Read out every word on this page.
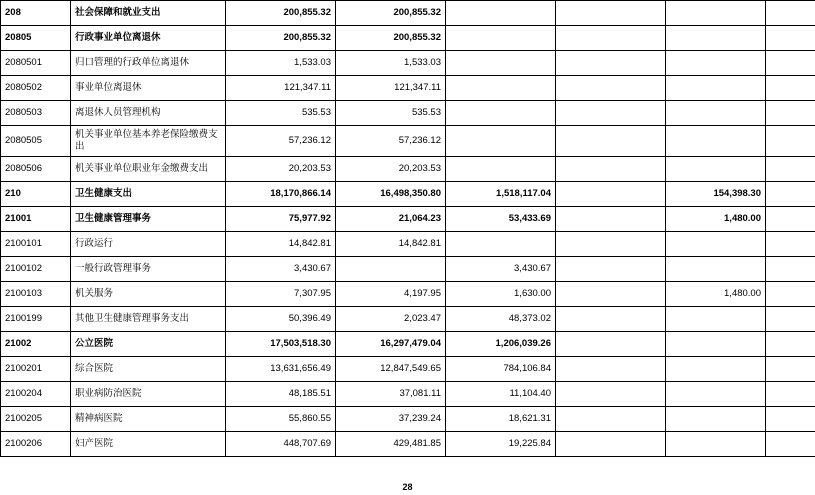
208	社会保障和就业支出	200,855.32	200,855.32				
20805	行政事业单位离退休	200,855.32	200,855.32				
2080501	归口管理的行政单位离退休	1,533.03	1,533.03				
2080502	事业单位离退休	121,347.11	121,347.11				
2080503	离退休人员管理机构	535.53	535.53				
2080505	机关事业单位基本养老保险缴费支出	57,236.12	57,236.12				
2080506	机关事业单位职业年金缴费支出	20,203.53	20,203.53				
210	卫生健康支出	18,170,866.14	16,498,350.80	1,518,117.04		154,398.30	
21001	卫生健康管理事务	75,977.92	21,064.23	53,433.69		1,480.00	
2100101	行政运行	14,842.81	14,842.81				
2100102	一般行政管理事务	3,430.67		3,430.67			
2100103	机关服务	7,307.95	4,197.95	1,630.00		1,480.00	
2100199	其他卫生健康管理事务支出	50,396.49	2,023.47	48,373.02			
21002	公立医院	17,503,518.30	16,297,479.04	1,206,039.26			
2100201	综合医院	13,631,656.49	12,847,549.65	784,106.84			
2100204	职业病防治医院	48,185.51	37,081.11	11,104.40			
2100205	精神病医院	55,860.55	37,239.24	18,621.31			
2100206	妇产医院	448,707.69	429,481.85	19,225.84			
28
